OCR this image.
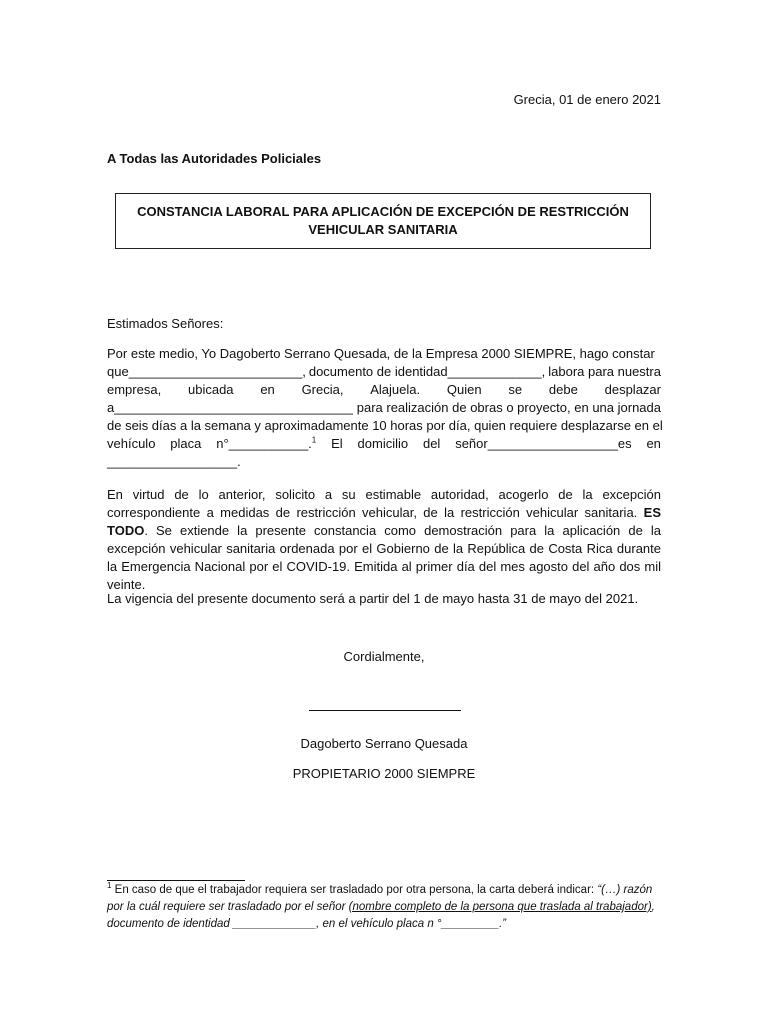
Grecia, 01 de enero 2021
A Todas las Autoridades Policiales
CONSTANCIA LABORAL PARA APLICACIÓN DE EXCEPCIÓN DE RESTRICCIÓN VEHICULAR SANITARIA
Estimados Señores:
Por este medio, Yo Dagoberto Serrano Quesada, de la Empresa 2000 SIEMPRE, hago constar
que________________________, documento de identidad_____________, labora para nuestra
empresa, ubicada en Grecia, Alajuela. Quien se debe desplazar
a_________________________________ para realización de obras o proyecto, en una jornada
de seis días a la semana y aproximadamente 10 horas por día, quien requiere desplazarse en el
vehículo placa n°___________.$^1$ El domicilio del señor__________________es en
__________________.
En virtud de lo anterior, solicito a su estimable autoridad, acogerlo de la excepción correspondiente a medidas de restricción vehicular, de la restricción vehicular sanitaria. ES TODO. Se extiende la presente constancia como demostración para la aplicación de la excepción vehicular sanitaria ordenada por el Gobierno de la República de Costa Rica durante la Emergencia Nacional por el COVID-19. Emitida al primer día del mes agosto del año dos mil veinte.
La vigencia del presente documento será a partir del 1 de mayo hasta 31 de mayo del 2021.
Cordialmente,
Dagoberto Serrano Quesada
PROPIETARIO 2000 SIEMPRE
$^1$ En caso de que el trabajador requiera ser trasladado por otra persona, la carta deberá indicar: “(…) razón por la cuál requiere ser trasladado por el señor (nombre completo de la persona que traslada al trabajador), documento de identidad _____________, en el vehículo placa n °_________.”
